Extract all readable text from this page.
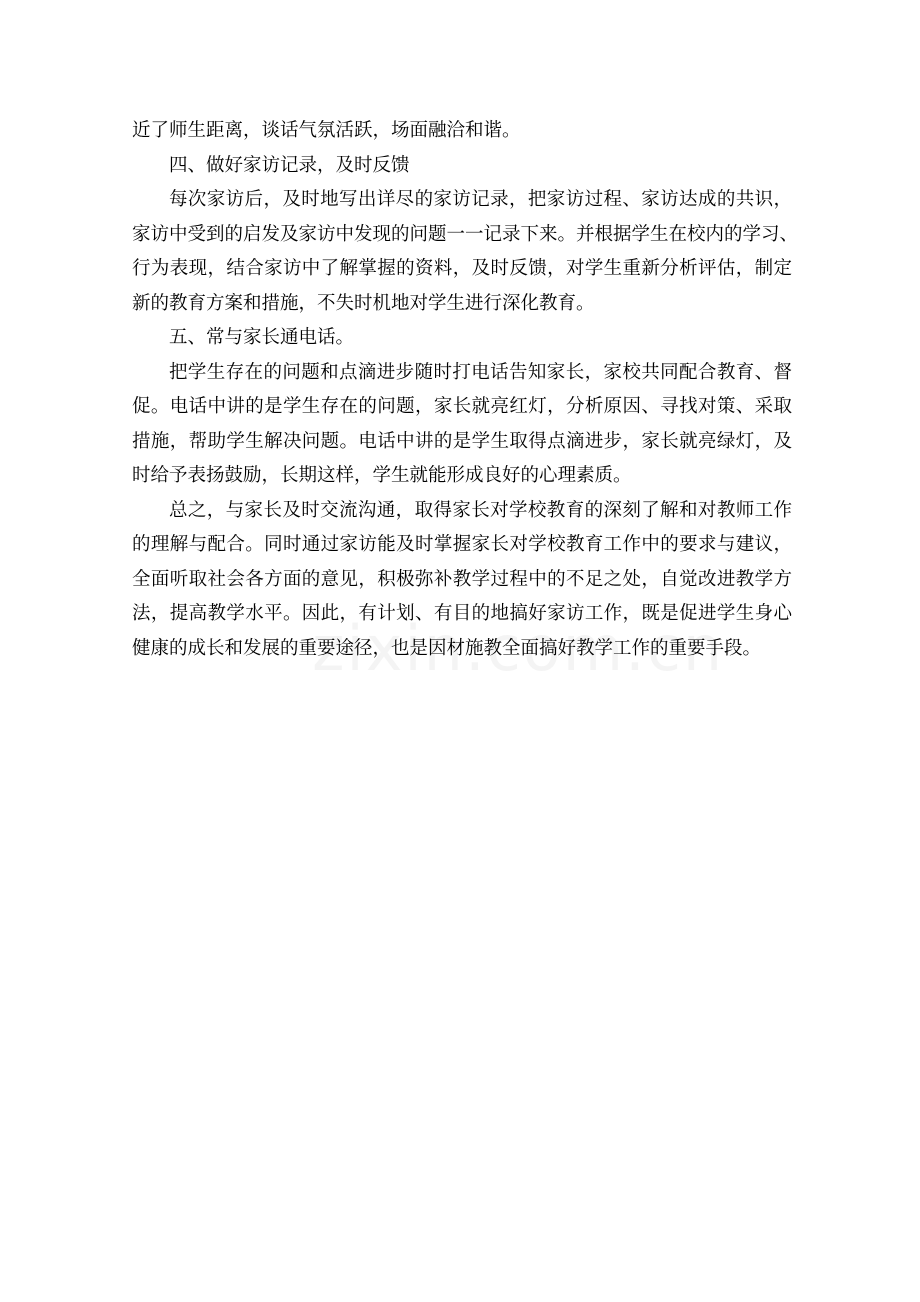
近了师生距离，谈话气氛活跃，场面融洽和谐。
四、做好家访记录，及时反馈
每次家访后，及时地写出详尽的家访记录，把家访过程、家访达成的共识，
家访中受到的启发及家访中发现的问题一一记录下来。并根据学生在校内的学习、
行为表现，结合家访中了解掌握的资料，及时反馈，对学生重新分析评估，制定
新的教育方案和措施，不失时机地对学生进行深化教育。
五、常与家长通电话。
把学生存在的问题和点滴进步随时打电话告知家长，家校共同配合教育、督
促。电话中讲的是学生存在的问题，家长就亮红灯，分析原因、寻找对策、采取
措施，帮助学生解决问题。电话中讲的是学生取得点滴进步，家长就亮绿灯，及
时给予表扬鼓励，长期这样，学生就能形成良好的心理素质。
总之，与家长及时交流沟通，取得家长对学校教育的深刻了解和对教师工作
的理解与配合。同时通过家访能及时掌握家长对学校教育工作中的要求与建议，
全面听取社会各方面的意见，积极弥补教学过程中的不足之处，自觉改进教学方
法，提高教学水平。因此，有计划、有目的地搞好家访工作，既是促进学生身心
健康的成长和发展的重要途径，也是因材施教全面搞好教学工作的重要手段。
